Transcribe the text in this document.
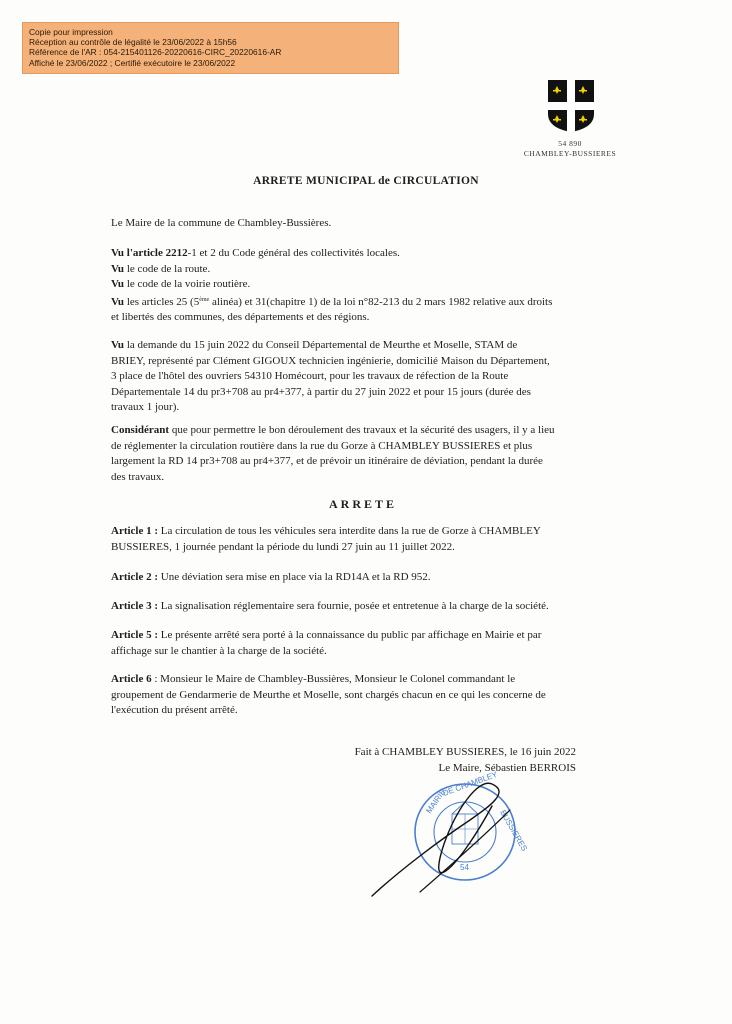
Copie pour impression
Réception au contrôle de légalité le 23/06/2022 à 15h56
Référence de l'AR : 054-215401126-20220616-CIRC_20220616-AR
Affiché le 23/06/2022 ; Certifié exécutoire le 23/06/2022
54 890
CHAMBLEY-BUSSIERES
ARRETE MUNICIPAL de CIRCULATION
Le Maire de la commune de Chambley-Bussières.
Vu l'article 2212-1 et 2 du Code général des collectivités locales.
Vu le code de la route.
Vu le code de la voirie routière.
Vu les articles 25 (5ème alinéa) et 31(chapitre 1) de la loi n°82-213 du 2 mars 1982 relative aux droits
et libertés des communes, des départements et des régions.
Vu la demande du 15 juin 2022 du Conseil Départemental de Meurthe et Moselle, STAM de
BRIEY, représenté par Clément GIGOUX technicien ingénierie, domicilié Maison du Département,
3 place de l'hôtel des ouvriers 54310 Homécourt, pour les travaux de réfection de la Route
Départementale 14 du pr3+708 au pr4+377, à partir du 27 juin 2022 et pour 15 jours (durée des
travaux 1 jour).
Considérant que pour permettre le bon déroulement des travaux et la sécurité des usagers, il y a lieu
de réglementer la circulation routière dans la rue du Gorze à CHAMBLEY BUSSIERES et plus
largement la RD 14 pr3+708 au pr4+377, et de prévoir un itinéraire de déviation, pendant la durée
des travaux.
ARRETE
Article 1 : La circulation de tous les véhicules sera interdite dans la rue de Gorze à CHAMBLEY
BUSSIERES, 1 journée pendant la période du lundi 27 juin au 11 juillet 2022.
Article 2 : Une déviation sera mise en place via la RD14A et la RD 952.
Article 3 : La signalisation réglementaire sera fournie, posée et entretenue à la charge de la société.
Article 5 : Le présente arrêté sera porté à la connaissance du public par affichage en Mairie et par
affichage sur le chantier à la charge de la société.
Article 6 : Monsieur le Maire de Chambley-Bussières, Monsieur le Colonel commandant le
groupement de Gendarmerie de Meurthe et Moselle, sont chargés chacun en ce qui les concerne de
l'exécution du présent arrêté.
Fait à CHAMBLEY BUSSIERES, le 16 juin 2022
Le Maire, Sébastien BERROIS
MAIRIE
DE CHAMBLEY
BUSSIERES
54
